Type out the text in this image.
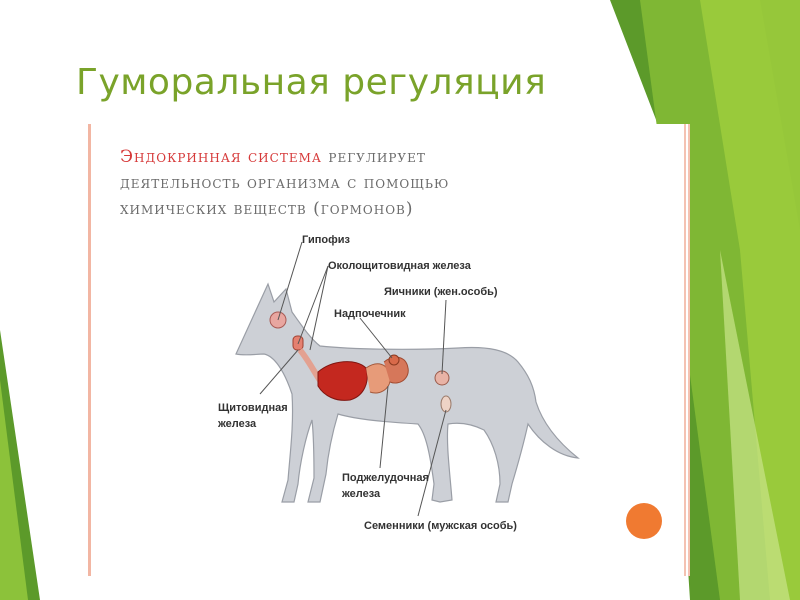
Гуморальная регуляция
Эндокринная система регулирует деятельность организма с помощью химических веществ (гормонов)
Гипофиз
Околощитовидная железа
Яичники (жен.особь)
Надпочечник
Щитовидная
железа
Поджелудочная
железа
Семенники (мужская особь)
